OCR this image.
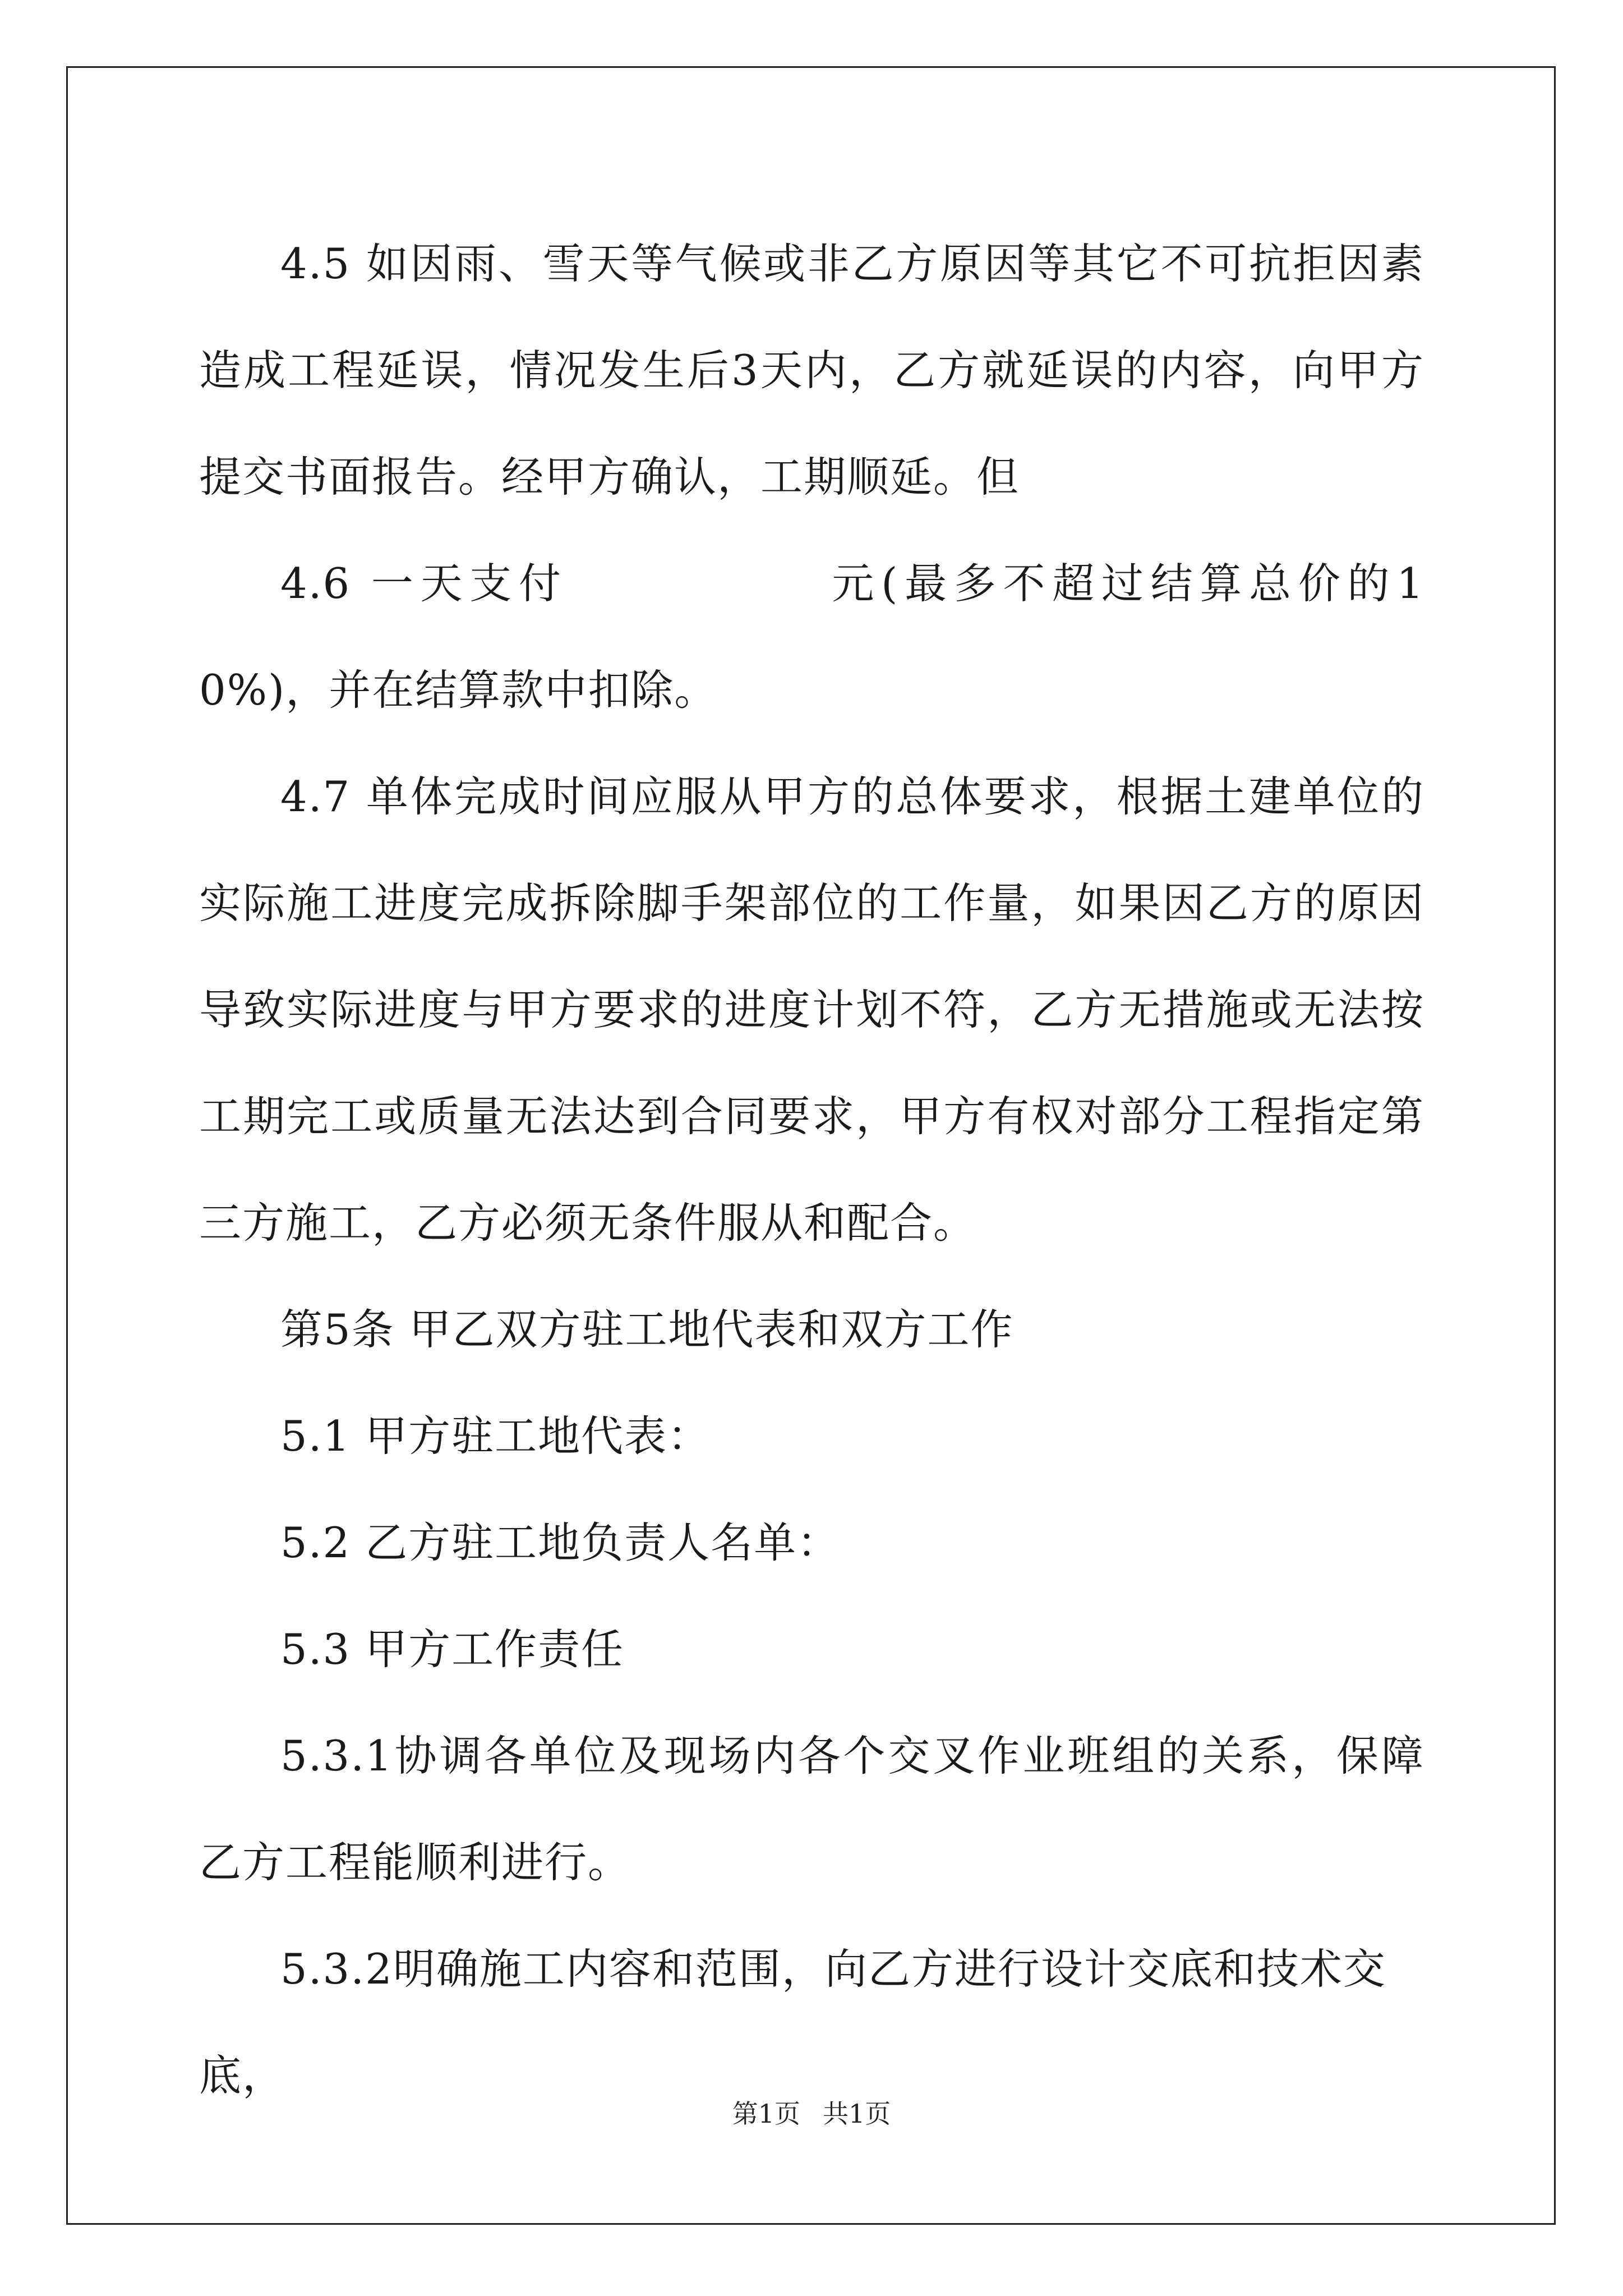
4.5 如因雨、雪天等气候或非乙方原因等其它不可抗拒因素造成工程延误，情况发生后3天内，乙方就延误的内容，向甲方提交书面报告。经甲方确认，工期顺延。但

4.6 一天支付	元(最多不超过结算总价的10%)，并在结算款中扣除。

4.7 单体完成时间应服从甲方的总体要求，根据土建单位的实际施工进度完成拆除脚手架部位的工作量，如果因乙方的原因导致实际进度与甲方要求的进度计划不符，乙方无措施或无法按工期完工或质量无法达到合同要求，甲方有权对部分工程指定第三方施工，乙方必须无条件服从和配合。

第5条 甲乙双方驻工地代表和双方工作

5.1 甲方驻工地代表：

5.2 乙方驻工地负责人名单：

5.3 甲方工作责任

5.3.1协调各单位及现场内各个交叉作业班组的关系，保障乙方工程能顺利进行。

5.3.2明确施工内容和范围，向乙方进行设计交底和技术交底，

第1页 共1页
